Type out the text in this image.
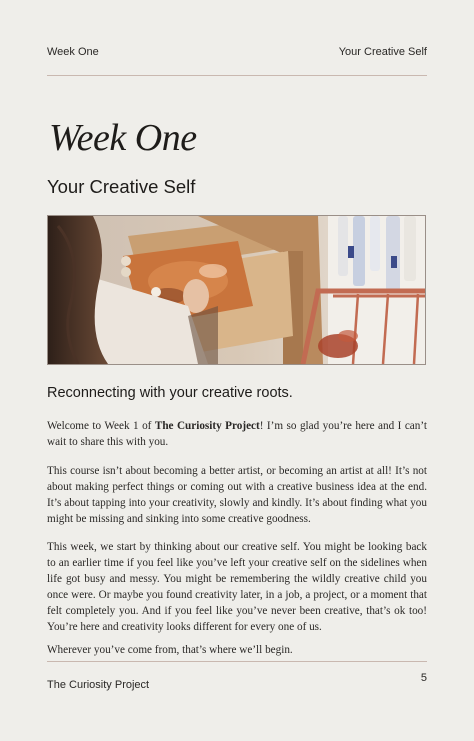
Week One	Your Creative Self
Week One
Your Creative Self
Reconnecting with your creative roots.

Welcome to Week 1 of The Curiosity Project! I’m so glad you’re here and I can’t wait to share this with you.

This course isn’t about becoming a better artist, or becoming an artist at all! It’s not about making perfect things or coming out with a creative business idea at the end. It’s about tapping into your creativity, slowly and kindly. It’s about finding what you might be missing and sinking into some creative goodness.

This week, we start by thinking about our creative self. You might be looking back to an earlier time if you feel like you’ve left your creative self on the sidelines when life got busy and messy. You might be remembering the wildly creative child you once were. Or maybe you found creativity later, in a job, a project, or a moment that felt completely you. And if you feel like you’ve never been creative, that’s ok too! You’re here and creativity looks different for every one of us.

Wherever you’ve come from, that’s where we’ll begin.

The Curiosity Project
5
